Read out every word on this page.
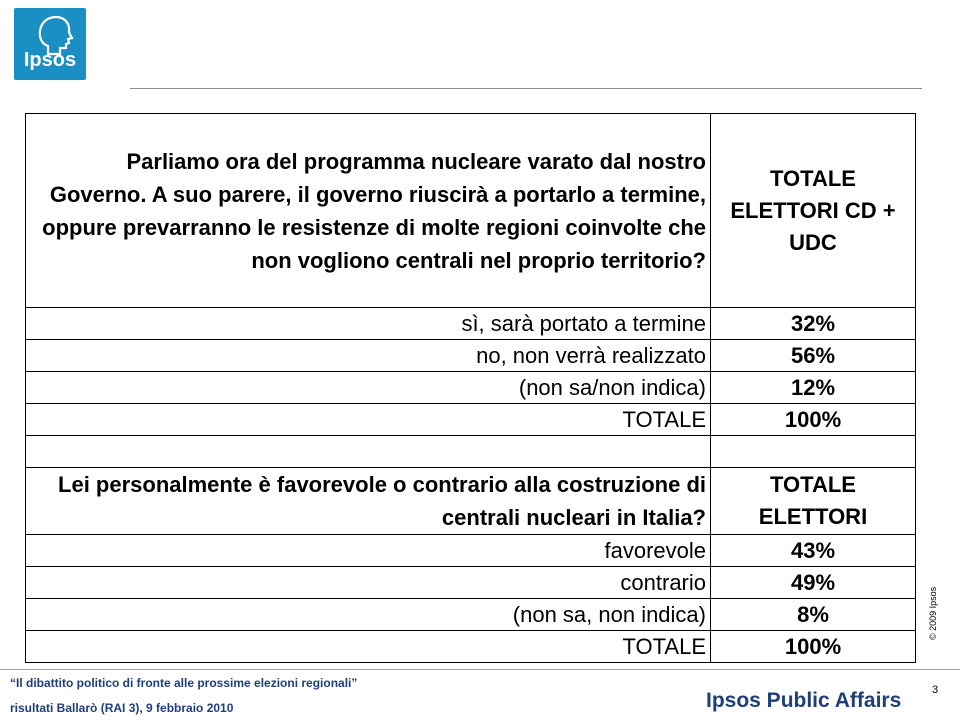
Ipsos
Parliamo ora del programma nucleare varato dal nostro Governo. A suo parere, il governo riuscirà a portarlo a termine, oppure prevarranno le resistenze di molte regioni coinvolte che non vogliono centrali nel proprio territorio?	TOTALE ELETTORI CD + UDC
sì, sarà portato a termine	32%
no, non verrà realizzato	56%
(non sa/non indica)	12%
TOTALE	100%

Lei personalmente è favorevole o contrario alla costruzione di centrali nucleari in Italia?	TOTALE ELETTORI
favorevole	43%
contrario	49%
(non sa, non indica)	8%
TOTALE	100%
© 2009 Ipsos
“Il dibattito politico di fronte alle prossime elezioni regionali”
risultati Ballarò (RAI 3), 9 febbraio 2010
3
Ipsos Public Affairs
